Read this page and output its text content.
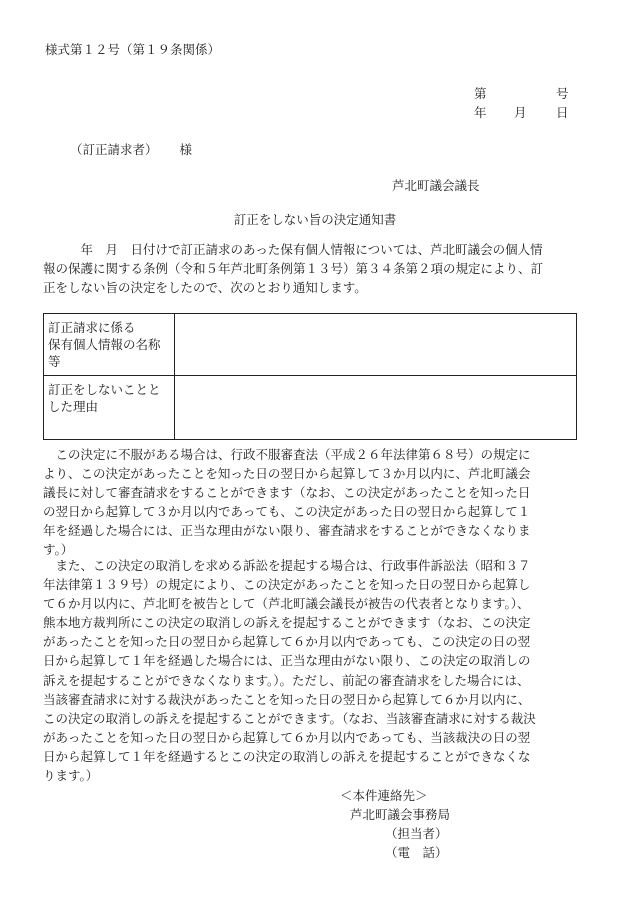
様式第１２号（第１９条関係）
第	号
年 月 日
（訂正請求者） 様
芦北町議会議長
訂正をしない旨の決定通知書
年　月　日付けで訂正請求のあった保有個人情報については、芦北町議会の個人情
報の保護に関する条例（令和５年芦北町条例第１３号）第３４条第２項の規定により、訂
正をしない旨の決定をしたので、次のとおり通知します。
訂正請求に係る
保有個人情報の名称
等	

訂正をしないことと
した理由	

この決定に不服がある場合は、行政不服審査法（平成２６年法律第６８号）の規定に
より、この決定があったことを知った日の翌日から起算して３か月以内に、芦北町議会
議長に対して審査請求をすることができます（なお、この決定があったことを知った日
の翌日から起算して３か月以内であっても、この決定があった日の翌日から起算して１
年を経過した場合には、正当な理由がない限り、審査請求をすることができなくなりま
す。）
また、この決定の取消しを求める訴訟を提起する場合は、行政事件訴訟法（昭和３７
年法律第１３９号）の規定により、この決定があったことを知った日の翌日から起算し
て６か月以内に、芦北町を被告として（芦北町議会議長が被告の代表者となります。）、
熊本地方裁判所にこの決定の取消しの訴えを提起することができます（なお、この決定
があったことを知った日の翌日から起算して６か月以内であっても、この決定の日の翌
日から起算して１年を経過した場合には、正当な理由がない限り、この決定の取消しの
訴えを提起することができなくなります。）。ただし、前記の審査請求をした場合には、
当該審査請求に対する裁決があったことを知った日の翌日から起算して６か月以内に、
この決定の取消しの訴えを提起することができます。（なお、当該審査請求に対する裁決
があったことを知った日の翌日から起算して６か月以内であっても、当該裁決の日の翌
日から起算して１年を経過するとこの決定の取消しの訴えを提起することができなくな
ります。）
＜本件連絡先＞
芦北町議会事務局
（担当者）
（電　話）
